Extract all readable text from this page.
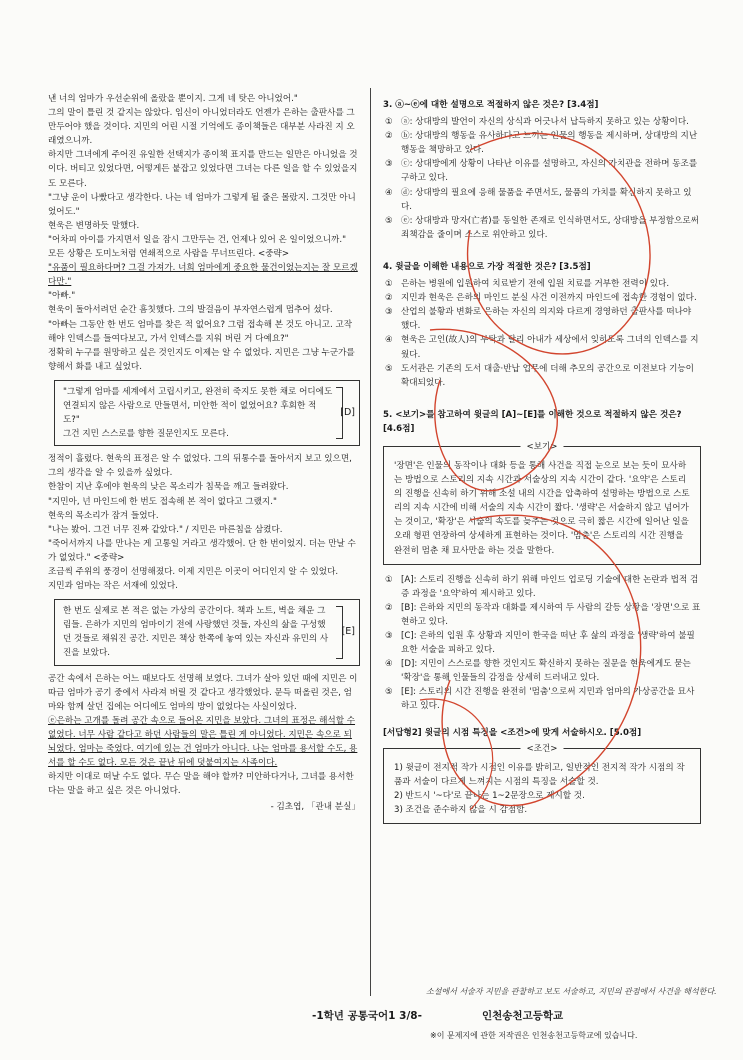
낸 너의 엄마가 우선순위에 올랐을 뿐이지. 그게 네 탓은 아니었어."

그의 말이 틀린 것 같지는 않았다. 임신이 아니었더라도 언젠가 은하는 출판사를 그만두어야 했을 것이다. 지민의 어린 시절 기억에도 종이책들은 대부분 사라진 지 오래였으니까.

하지만 그녀에게 주어진 유일한 선택지가 종이책 표지를 만드는 일만은 아니었을 것이다. 버티고 있었다면, 어떻게든 붙잡고 있었다면 그녀는 다른 일을 할 수 있었을지도 모른다.

"그냥 운이 나빴다고 생각한다. 나는 네 엄마가 그렇게 될 줄은 몰랐지. 그것만 아니었어도."

현욱은 변명하듯 말했다.

"어차피 아이를 가지면서 일을 잠시 그만두는 건, 언제나 있어 온 일이었으니까."

모든 상황은 도미노처럼 연쇄적으로 사람을 무너뜨린다. <중략>

"유품이 필요하다며? 그걸 가져가. 너희 엄마에게 중요한 물건이었는지는 잘 모르겠다만."

"아빠."

현욱이 돌아서려던 순간 흠칫했다. 그의 발걸음이 부자연스럽게 멈추어 섰다.

"아빠는 그동안 한 번도 엄마를 찾은 적 없어요? 그럼 접속해 본 것도 아니고. 고작해야 인덱스를 들여다보고, 가서 인덱스를 지워 버린 거 다예요?"

정확히 누구를 원망하고 싶은 것인지도 이제는 알 수 없었다. 지민은 그냥 누군가를 향해서 화를 내고 싶었다.

"그렇게 엄마를 세계에서 고립시키고, 완전히 죽지도 못한 채로 어디에도 연결되지 않은 사람으로 만들면서, 미안한 적이 없었어요? 후회한 적도?"

그건 지민 스스로를 향한 질문인지도 모른다.

[D]

정적이 흘렀다. 현욱의 표정은 알 수 없었다. 그의 뒤통수를 돌아서지 보고 있으면, 그의 생각을 알 수 있을까 싶었다.

한참이 지난 후에야 현욱의 낮은 목소리가 침묵을 깨고 들려왔다.

"지민아, 넌 마인드에 한 번도 접속해 본 적이 없다고 그랬지."

현욱의 목소리가 잠겨 들었다.

"나는 봤어. 그건 너무 진짜 같았다." / 지민은 마른침을 삼켰다.

"죽어서까지 나를 만나는 게 고통일 거라고 생각했어. 단 한 번이었지. 더는 만날 수가 없었다." <중략>

조금씩 주위의 풍경이 선명해졌다. 이제 지민은 이곳이 어디인지 알 수 있었다.

지민과 엄마는 작은 서재에 있었다.

한 번도 실제로 본 적은 없는 가상의 공간이다. 책과 노트, 벽을 채운 그림들. 은하가 지민의 엄마이기 전에 사랑했던 것들, 자신의 삶을 구성했던 것들로 채워진 공간. 지민은 책상 한쪽에 놓여 있는 자신과 유민의 사진을 보았다.

[E]

공간 속에서 은하는 어느 때보다도 선명해 보였다. 그녀가 살아 있던 때에 지민은 이따금 엄마가 공기 중에서 사라져 버릴 것 같다고 생각했었다. 문득 떠올린 것은, 엄마와 함께 살던 집에는 어디에도 엄마의 방이 없었다는 사실이었다.

ⓔ은하는 고개를 돌려 공간 속으로 들어온 지민을 보았다. 그녀의 표정은 해석할 수 없었다. 너무 사람 같다고 하던 사람들의 말은 틀린 게 아니었다. 지민은 속으로 되뇌었다. 엄마는 죽었다. 여기에 있는 건 엄마가 아니다. 나는 엄마를 용서할 수도, 용서를 할 수도 없다. 모든 것은 끝난 뒤에 덧붙여지는 사족이다.

하지만 이대로 떠날 수도 없다. 무슨 말을 해야 할까? 미안하다거나, 그녀를 용서한다는 말을 하고 싶은 것은 아니었다.

- 김초엽, 「관내 분실」

3. ⓐ~ⓔ에 대한 설명으로 적절하지 않은 것은? [3.4점]

① ⓐ: 상대방의 발언이 자신의 상식과 어긋나서 납득하지 못하고 있는 상황이다.

② ⓑ: 상대방의 행동을 유사하다고 느끼는 인물의 행동을 제시하며, 상대방의 지난 행동을 책망하고 있다.

③ ⓒ: 상대방에게 상황이 나타난 이유를 설명하고, 자신의 가치관을 전하며 동조를 구하고 있다.

④ ⓓ: 상대방의 필요에 응해 물품을 주면서도, 물품의 가치를 확신하지 못하고 있다.

⑤ ⓔ: 상대방과 망자(亡者)를 동일한 존재로 인식하면서도, 상대방을 부정함으로써 죄책감을 줄이며 스스로 위안하고 있다.

4. 윗글을 이해한 내용으로 가장 적절한 것은? [3.5점]

① 은하는 병원에 입원하여 치료받기 전에 입원 치료를 거부한 전력이 있다.

② 지민과 현욱은 은하의 마인드 분실 사건 이전까지 마인드에 접속한 경험이 없다.

③ 산업의 불황과 변화로 은하는 자신의 의지와 다르게 경영하던 출판사를 떠나야 했다.

④ 현욱은 고인(故人)의 부탁과 달리 아내가 세상에서 잊히도록 그녀의 인덱스를 지웠다.

⑤ 도서관은 기존의 도서 대출·반납 업무에 더해 추모의 공간으로 이전보다 기능이 확대되었다.

5. <보기>를 참고하여 윗글의 [A]~[E]를 이해한 것으로 적절하지 않은 것은? [4.6점]
<보기>

'장면'은 인물의 동작이나 대화 등을 통해 사건을 직접 눈으로 보는 듯이 묘사하는 방법으로 스토리의 지속 시간과 서술상의 지속 시간이 같다. '요약'은 스토리의 진행을 신속히 하기 위해 소설 내의 시간을 압축하여 설명하는 방법으로 스토리의 지속 시간에 비해 서술의 지속 시간이 짧다. '생략'은 서술하지 않고 넘어가는 것이고, '확장'은 서술의 속도를 늦추는 것으로 극히 짧은 시간에 일어난 일을 오래 형편 연장하여 상세하게 표현하는 것이다. '멈춤'은 스토리의 시간 진행을 완전히 멈춘 채 묘사만을 하는 것을 말한다.

① [A]: 스토리 진행을 신속히 하기 위해 마인드 업로딩 기술에 대한 논란과 법적 검증 과정을 '요약'하여 제시하고 있다.

② [B]: 은하와 지민의 동작과 대화를 제시하여 두 사람의 갈등 상황을 '장면'으로 표현하고 있다.

③ [C]: 은하의 입원 후 상황과 지민이 한국을 떠난 후 삶의 과정을 '생략'하여 불필요한 서술을 피하고 있다.

④ [D]: 지민이 스스로를 향한 것인지도 확신하지 못하는 질문을 현욱에게도 묻는 '확장'을 통해 인물들의 감정을 상세히 드러내고 있다.

⑤ [E]: 스토리의 시간 진행을 완전히 '멈춤'으로써 지민과 엄마의 가상공간을 묘사하고 있다.

[서답형2] 윗글의 시점 특징을 <조건>에 맞게 서술하시오. [5.0점]
<조건>

1) 윗글이 전지적 작가 시점인 이유를 밝히고, 일반적인 전지적 작가 시점의 작품과 서술이 다르게 느껴지는 시점의 특징을 서술할 것.

2) 반드시 '~다'로 끝나는 1~2문장으로 제시할 것.

3) 조건을 준수하지 않을 시 감점함.

소설에서 서술자 지민을 관찰하고 보도 서술하고, 지민의 관점에서 사건을 해석한다.
-1학년 공통국어1 3/8-	인천송천고등학교
※이 문제지에 관한 저작권은 인천송천고등학교에 있습니다.
